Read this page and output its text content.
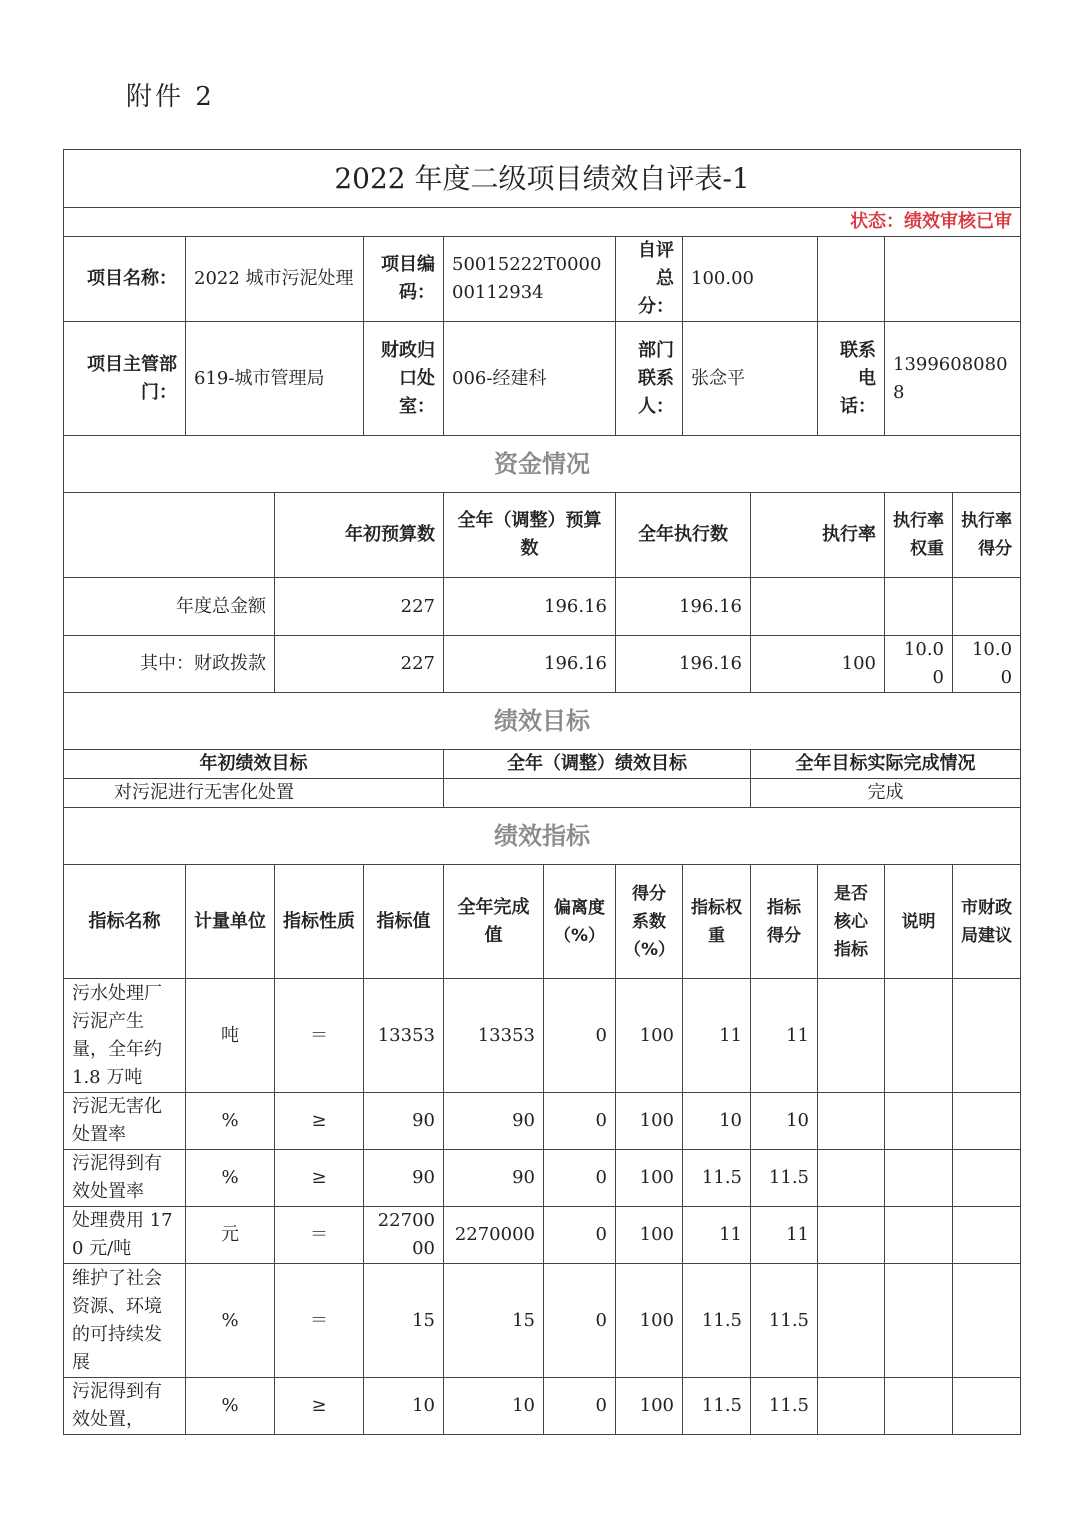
附件 2
2022 年度二级项目绩效自评表-1											
状态：绩效审核已审											
项目名称：	2022 城市污泥处理		项目编码：	50015222T000000112934		自评总分：	100.00				
项目主管部门：	619-城市管理局		财政归口处室：	006-经建科		部门联系人：	张念平		联系电话：	13996080808	
资金情况											
		年初预算数		全年（调整）预算数		全年执行数		执行率		执行率权重	执行率得分
年度总金额		227		196.16		196.16					
其中：财政拨款		227		196.16		196.16		100		10.00	10.00
绩效目标											
年初绩效目标				全年（调整）绩效目标				全年目标实际完成情况			
对污泥进行无害化处置								完成			
绩效指标											
指标名称	计量单位	指标性质	指标值	全年完成值	偏离度（%）	得分系数（%）	指标权重	指标得分	是否核心指标	说明	市财政局建议
污水处理厂污泥产生量，全年约 1.8 万吨	吨	＝	13353	13353	0	100	11	11			
污泥无害化处置率	%	≥	90	90	0	100	10	10			
污泥得到有效处置率	%	≥	90	90	0	100	11.5	11.5			
处理费用 170 元/吨	元	＝	2270000	2270000	0	100	11	11			
维护了社会资源、环境的可持续发展	%	＝	15	15	0	100	11.5	11.5			
污泥得到有效处置，	%	≥	10	10	0	100	11.5	11.5			
